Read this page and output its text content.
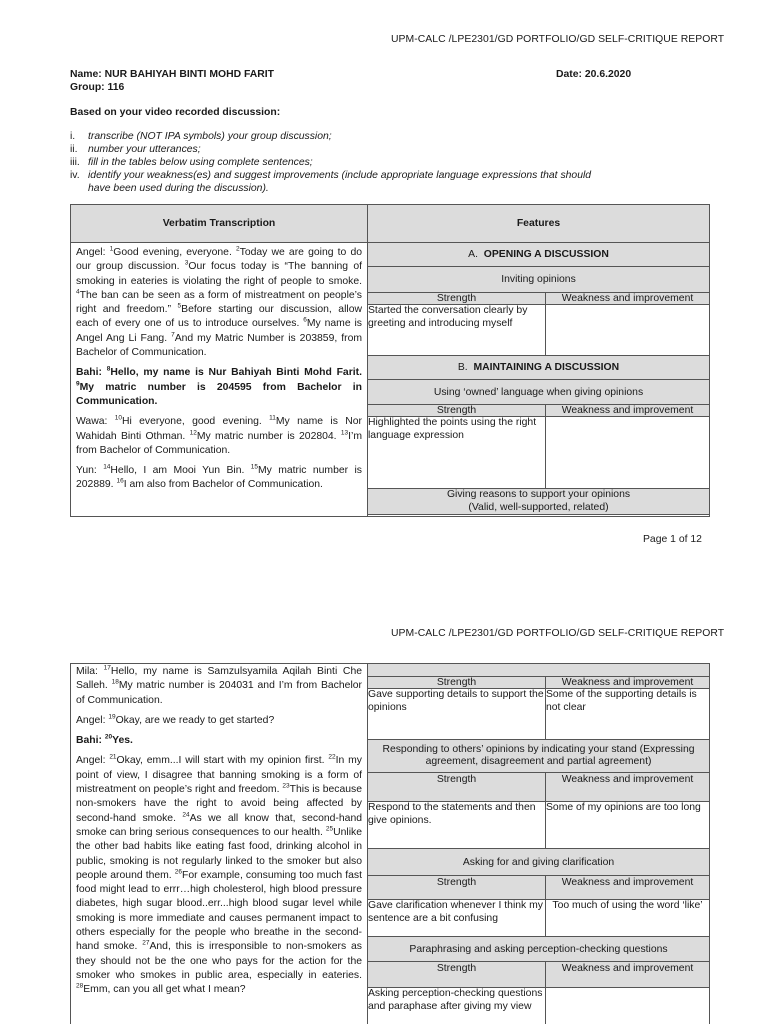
UPM-CALC /LPE2301/GD PORTFOLIO/GD SELF-CRITIQUE REPORT
Name: NUR BAHIYAH BINTI MOHD FARIT
Group: 116
Date: 20.6.2020
Based on your video recorded discussion:
i.	transcribe (NOT IPA symbols) your group discussion;
ii.	number your utterances;
iii. fill in the tables below using complete sentences;
iv. identify your weakness(es) and suggest improvements (include appropriate language expressions that should
have been used during the discussion).
Verbatim Transcription	Features

Angel: $^1$Good evening, everyone. $^2$Today we are going to do our group discussion. $^3$Our focus today is “The banning of smoking in eateries is violating the right of people to smoke. $^4$The ban can be seen as a form of mistreatment on people’s right and freedom.” $^5$Before starting our discussion, allow each of every one of us to introduce ourselves. $^6$My name is Angel Ang Li Fang. $^7$And my Matric Number is 203859, from Bachelor of Communication.

Bahi: $^8$Hello, my name is Nur Bahiyah Binti Mohd Farit. $^9$My matric number is 204595 from Bachelor in Communication.

Wawa: $^{10}$Hi everyone, good evening. $^{11}$My name is Nor Wahidah Binti Othman. $^{12}$My matric number is 202804. $^{13}$I’m from Bachelor of Communication.

Yun: $^{14}$Hello, I am Mooi Yun Bin. $^{15}$My matric number is 202889. $^{16}$I am also from Bachelor of Communication.

A. OPENING A DISCUSSION
Inviting opinions
Strength	Weakness and improvement
Started the conversation clearly by greeting and introducing myself	
B. MAINTAINING A DISCUSSION
Using ‘owned’ language when giving opinions
Strength	Weakness and improvement
Highlighted the points using the right language expression	

Giving reasons to support your opinions
(Valid, well-supported, related)
Page 1 of 12
UPM-CALC /LPE2301/GD PORTFOLIO/GD SELF-CRITIQUE REPORT

Mila: $^{17}$Hello, my name is Samzulsyamila Aqilah Binti Che Salleh. $^{18}$My matric number is 204031 and I’m from Bachelor of Communication.

Angel: $^{19}$Okay, are we ready to get started?

Bahi: $^{20}$Yes.

Angel: $^{21}$Okay, emm...I will start with my opinion first. $^{22}$In my point of view, I disagree that banning smoking is a form of mistreatment on people’s right and freedom. $^{23}$This is because non-smokers have the right to avoid being affected by second-hand smoke. $^{24}$As we all know that, second-hand smoke can bring serious consequences to our health. $^{25}$Unlike the other bad habits like eating fast food, drinking alcohol in public, smoking is not regularly linked to the smoker but also people around them. $^{26}$For example, consuming too much fast food might lead to errr…high cholesterol, high blood pressure diabetes, high sugar blood..err...high blood sugar level while smoking is more immediate and causes permanent impact to others especially for the people who breathe in the second-hand smoke. $^{27}$And, this is irresponsible to non-smokers as they should not be the one who pays for the action for the smoker who smokes in public area, especially in eateries. $^{28}$Emm, can you all get what I mean?

Strength	Weakness and improvement
Gave supporting details to support the opinions	Some of the supporting details is not clear
Responding to others’ opinions by indicating your stand (Expressing agreement, disagreement and partial agreement)
Strength	Weakness and improvement
Respond to the statements and then give opinions.	Some of my opinions are too long
Asking for and giving clarification
Strength	Weakness and improvement
Gave clarification whenever I think my sentence are a bit confusing	Too much of using the word ‘like’
Paraphrasing and asking perception-checking questions
Strength	Weakness and improvement
Asking perception-checking questions and paraphase after giving my view	
